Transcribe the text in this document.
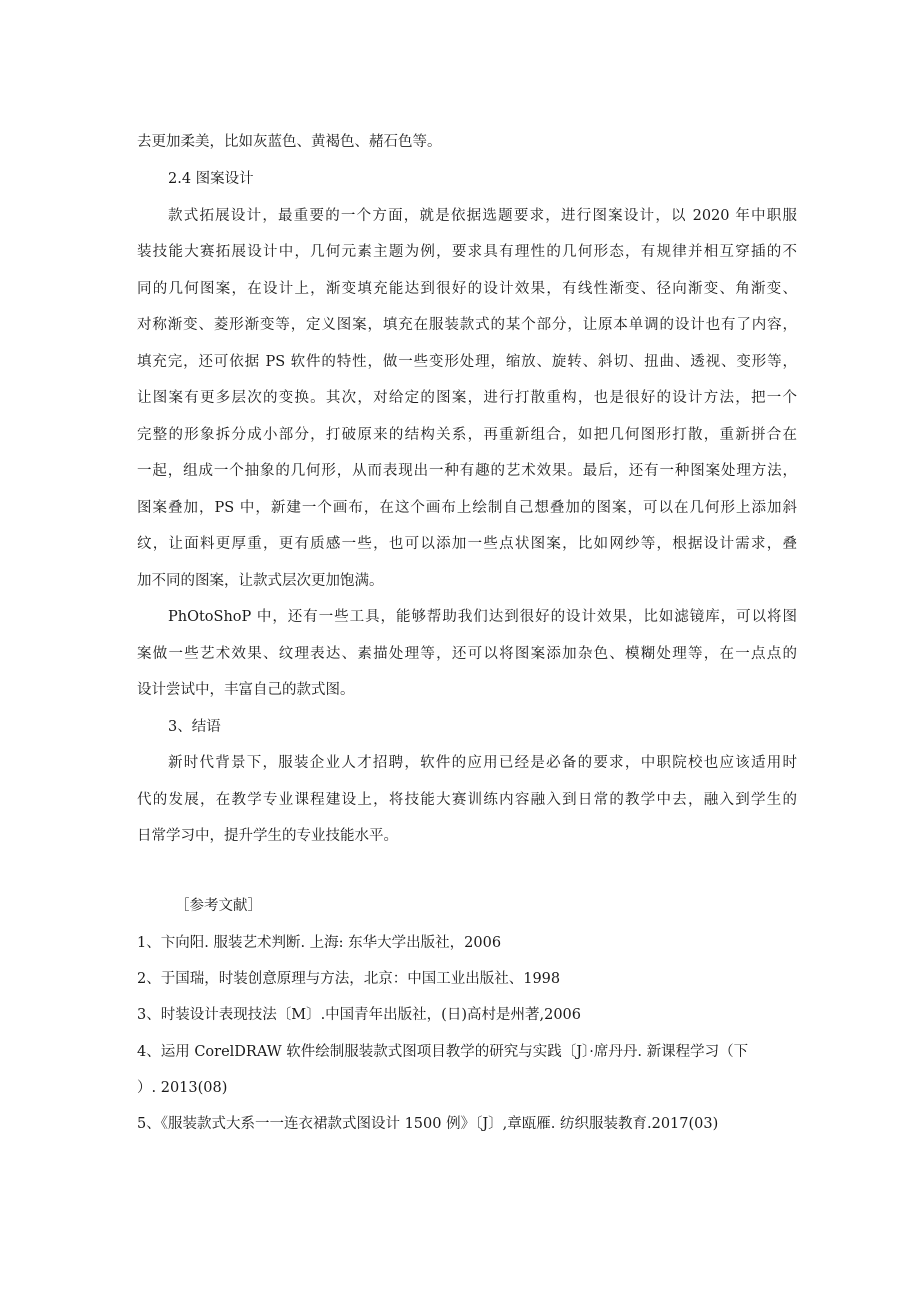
去更加柔美，比如灰蓝色、黄褐色、赭石色等。
2.4 图案设计
款式拓展设计，最重要的一个方面，就是依据选题要求，进行图案设计，以 2020 年中职服
装技能大赛拓展设计中，几何元素主题为例，要求具有理性的几何形态，有规律并相互穿插的不
同的几何图案，在设计上，渐变填充能达到很好的设计效果，有线性渐变、径向渐变、角渐变、
对称渐变、菱形渐变等，定义图案，填充在服装款式的某个部分，让原本单调的设计也有了内容，
填充完，还可依据 PS 软件的特性，做一些变形处理，缩放、旋转、斜切、扭曲、透视、变形等，
让图案有更多层次的变换。其次，对给定的图案，进行打散重构，也是很好的设计方法，把一个
完整的形象拆分成小部分，打破原来的结构关系，再重新组合，如把几何图形打散，重新拼合在
一起，组成一个抽象的几何形，从而表现出一种有趣的艺术效果。最后，还有一种图案处理方法，
图案叠加，PS 中，新建一个画布，在这个画布上绘制自己想叠加的图案，可以在几何形上添加斜
纹，让面料更厚重，更有质感一些，也可以添加一些点状图案，比如网纱等，根据设计需求，叠
加不同的图案，让款式层次更加饱满。
PhOtoShoP 中，还有一些工具，能够帮助我们达到很好的设计效果，比如滤镜库，可以将图
案做一些艺术效果、纹理表达、素描处理等，还可以将图案添加杂色、模糊处理等，在一点点的
设计尝试中，丰富自己的款式图。
3、结语
新时代背景下，服装企业人才招聘，软件的应用已经是必备的要求，中职院校也应该适用时
代的发展，在教学专业课程建设上，将技能大赛训练内容融入到日常的教学中去，融入到学生的
日常学习中，提升学生的专业技能水平。
［参考文献］
1、卞向阳. 服装艺术判断. 上海: 东华大学出版社，2006
2、于国瑞，时装创意原理与方法，北京：中国工业出版社、1998
3、时装设计表现技法〔M〕.中国青年出版社，(日)高村是州著,2006
4、运用 CorelDRAW 软件绘制服装款式图项目教学的研究与实践〔J〕·席丹丹. 新课程学习（下
）. 2013(08)
5、《服装款式大系一一连衣裙款式图设计 1500 例》〔J〕,章瓯雁. 纺织服装教育.2017(03)
